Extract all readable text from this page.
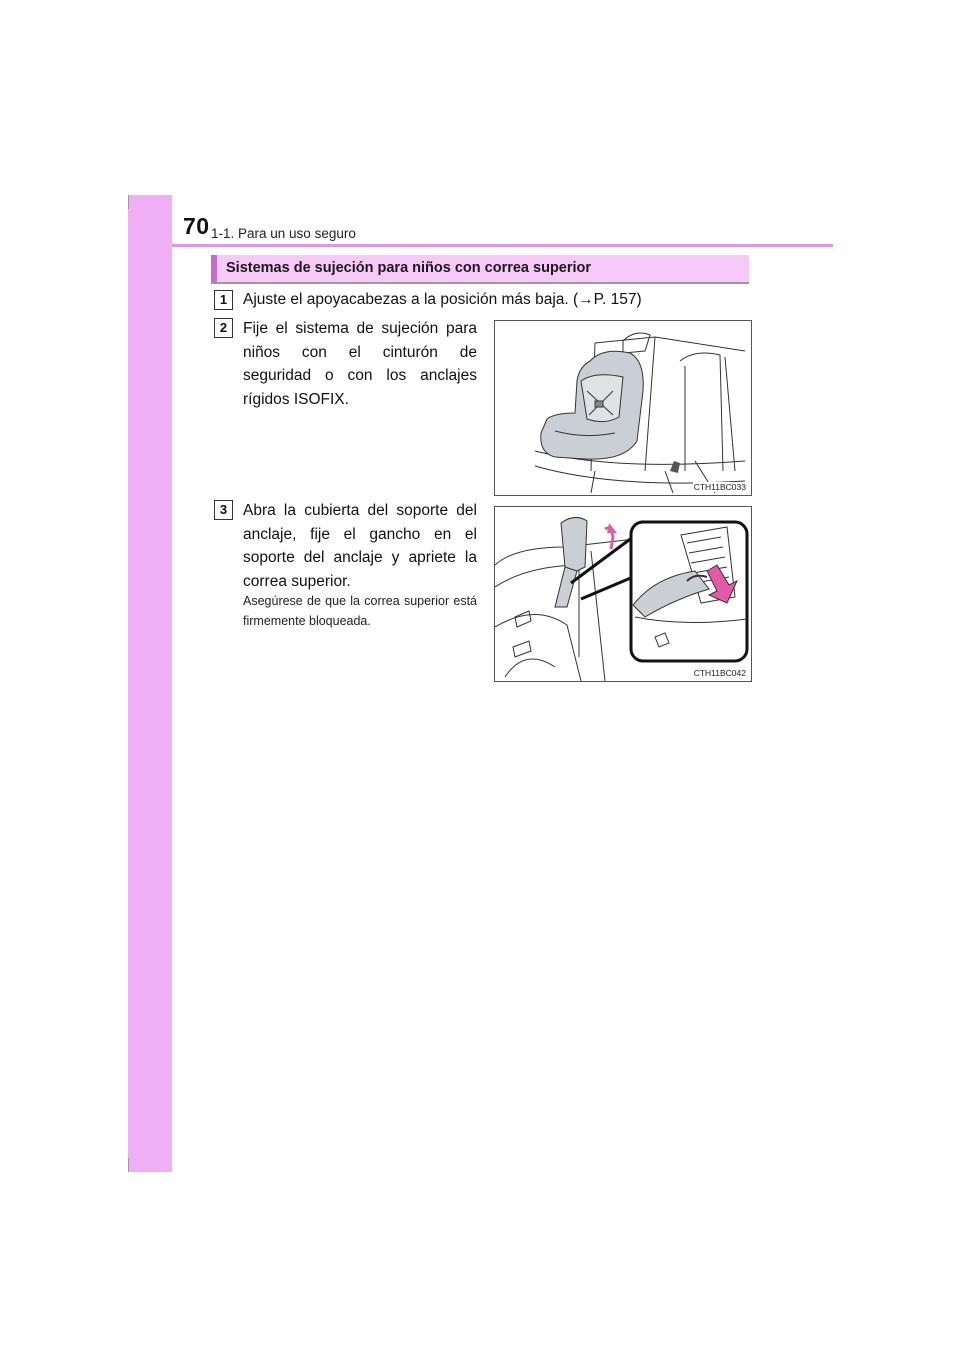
70 1-1. Para un uso seguro
Sistemas de sujeción para niños con correa superior
1	Ajuste el apoyacabezas a la posición más baja. (→P. 157)
2	Fije el sistema de sujeción para niños con el cinturón de seguridad o con los anclajes rígidos ISOFIX.
CTH11BC033
3	Abra la cubierta del soporte del anclaje, fije el gancho en el soporte del anclaje y apriete la correa superior.
Asegúrese de que la correa superior está firmemente bloqueada.
CTH11BC042
